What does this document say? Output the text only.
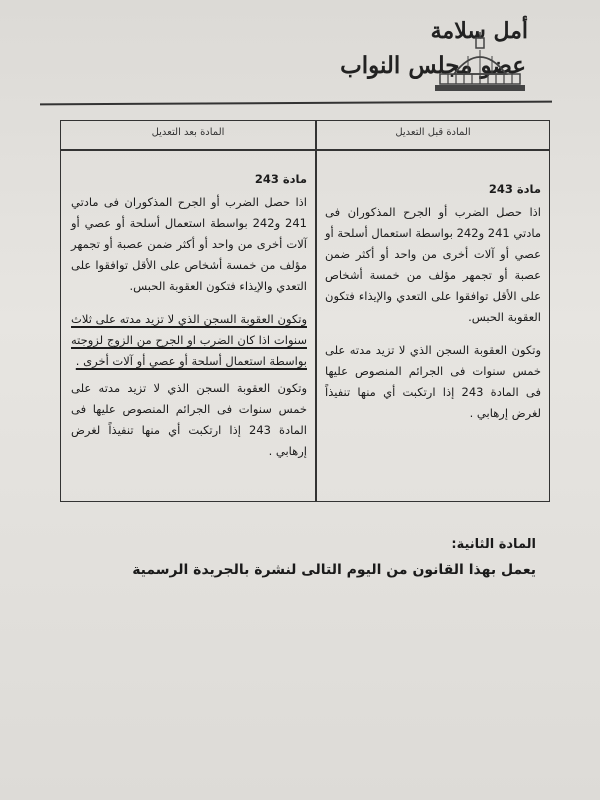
أمل سلامة
عضو مجلس النواب
المادة بعد التعديل	المادة قبل التعديل

مادة 243

اذا حصل الضرب أو الجرح المذكوران فى مادتي 241 و242 بواسطة استعمال أسلحة أو عصي أو آلات أخرى من واحد أو أكثر ضمن عصبة أو تجمهر مؤلف من خمسة أشخاص على الأقل توافقوا على التعدي والإيذاء فتكون العقوبة الحبس.

وتكون العقوبة السجن الذي لا تزيد مدته على ثلاث سنوات اذا كان الضرب او الجرح من الزوج لزوجته بواسطة استعمال أسلحة أو عصي أو آلات أخرى .

وتكون العقوبة السجن الذي لا تزيد مدته على خمس سنوات فى الجرائم المنصوص عليها فى المادة 243 إذا ارتكبت أي منها تنفيذاً لغرض إرهابي .

مادة 243

اذا حصل الضرب أو الجرح المذكوران فى مادتي 241 و242 بواسطة استعمال أسلحة أو عصي أو آلات أخرى من واحد أو أكثر ضمن عصبة أو تجمهر مؤلف من خمسة أشخاص على الأقل توافقوا على التعدي والإيذاء فتكون العقوبة الحبس.

وتكون العقوبة السجن الذي لا تزيد مدته على خمس سنوات فى الجرائم المنصوص عليها فى المادة 243 إذا ارتكبت أي منها تنفيذاً لغرض إرهابي .

المادة الثانية:
يعمل بهذا القانون من اليوم التالى لنشرة بالجريدة الرسمية
